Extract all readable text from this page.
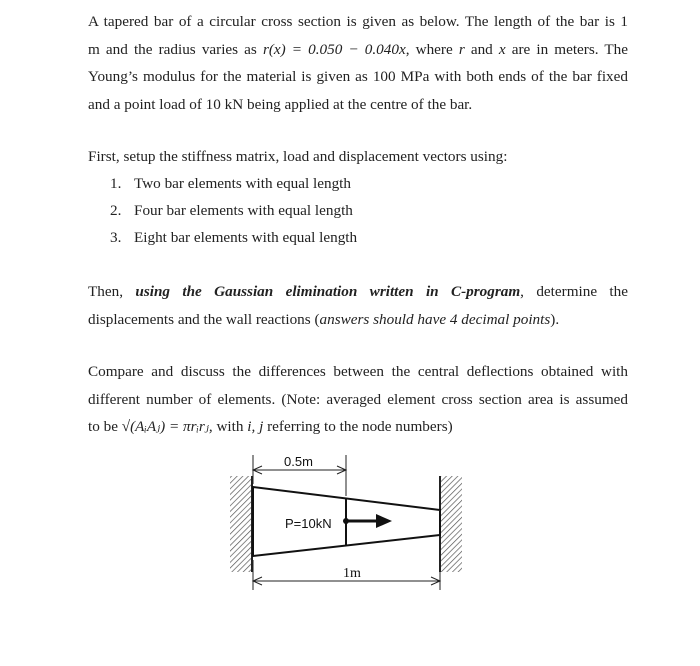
A tapered bar of a circular cross section is given as below. The length of the bar is 1
m and the radius varies as r(x) = 0.050 − 0.040x, where r and x are in meters. The
Young’s modulus for the material is given as 100 MPa with both ends of the bar fixed
and a point load of 10 kN being applied at the centre of the bar.
First, setup the stiffness matrix, load and displacement vectors using:
1. Two bar elements with equal length
2. Four bar elements with equal length
3. Eight bar elements with equal length
Then, using the Gaussian elimination written in C-program, determine the
displacements and the wall reactions (answers should have 4 decimal points).
Compare and discuss the differences between the central deflections obtained with
different number of elements. (Note: averaged element cross section area is assumed
to be √(AᵢAⱼ) = πrᵢrⱼ, with i, j referring to the node numbers)
P=10kN
0.5m
1m
